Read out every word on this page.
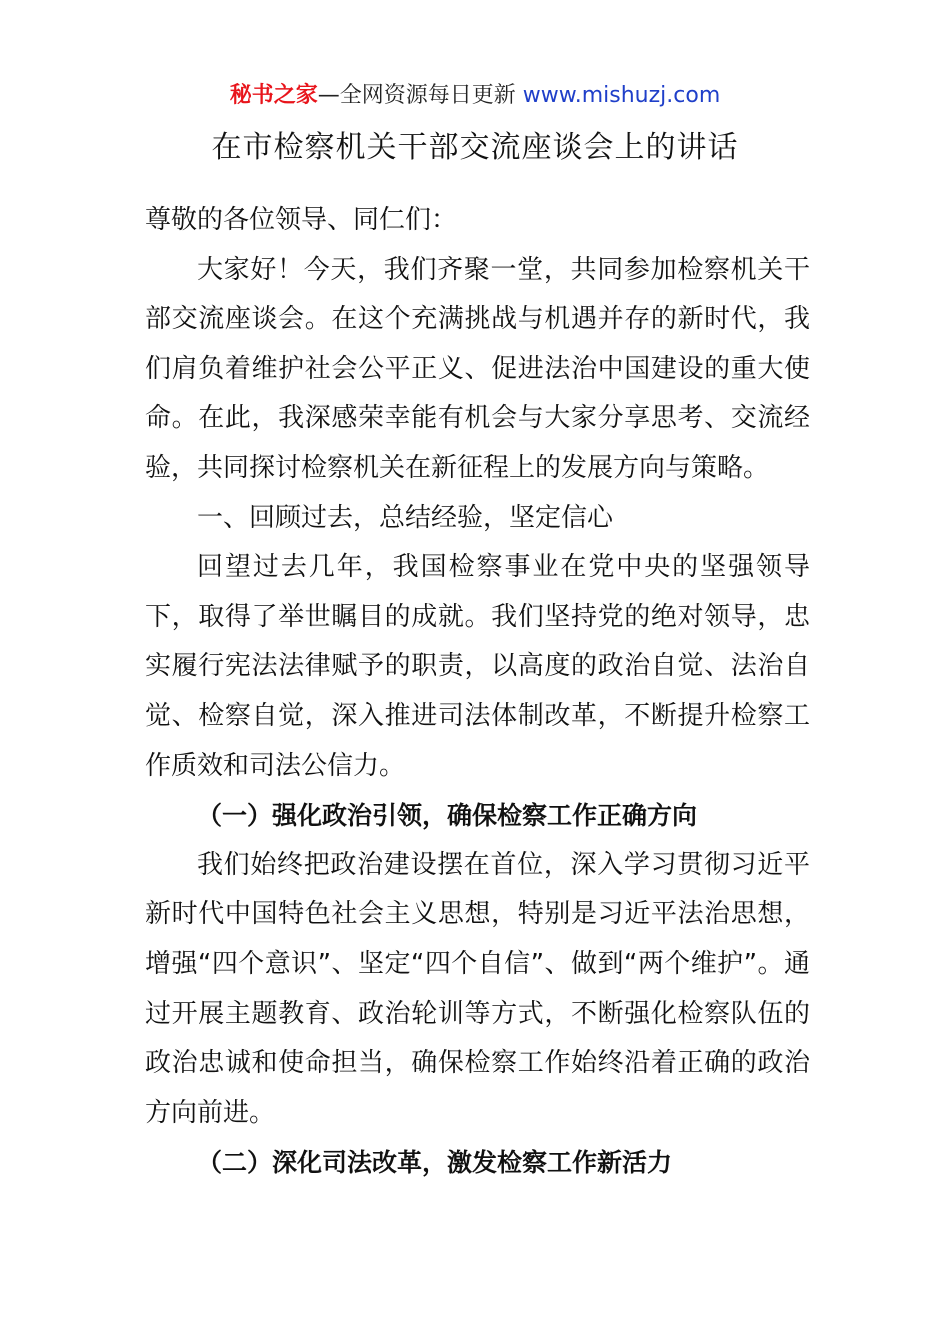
秘书之家—全网资源每日更新 www.mishuzj.com
在市检察机关干部交流座谈会上的讲话

尊敬的各位领导、同仁们：

大家好！今天，我们齐聚一堂，共同参加检察机关干部交流座谈会。在这个充满挑战与机遇并存的新时代，我们肩负着维护社会公平正义、促进法治中国建设的重大使命。在此，我深感荣幸能有机会与大家分享思考、交流经验，共同探讨检察机关在新征程上的发展方向与策略。

一、回顾过去，总结经验，坚定信心

回望过去几年，我国检察事业在党中央的坚强领导下，取得了举世瞩目的成就。我们坚持党的绝对领导，忠实履行宪法法律赋予的职责，以高度的政治自觉、法治自觉、检察自觉，深入推进司法体制改革，不断提升检察工作质效和司法公信力。

（一）强化政治引领，确保检察工作正确方向

我们始终把政治建设摆在首位，深入学习贯彻习近平新时代中国特色社会主义思想，特别是习近平法治思想，增强“四个意识”、坚定“四个自信”、做到“两个维护”。通过开展主题教育、政治轮训等方式，不断强化检察队伍的政治忠诚和使命担当，确保检察工作始终沿着正确的政治方向前进。

（二）深化司法改革，激发检察工作新活力
